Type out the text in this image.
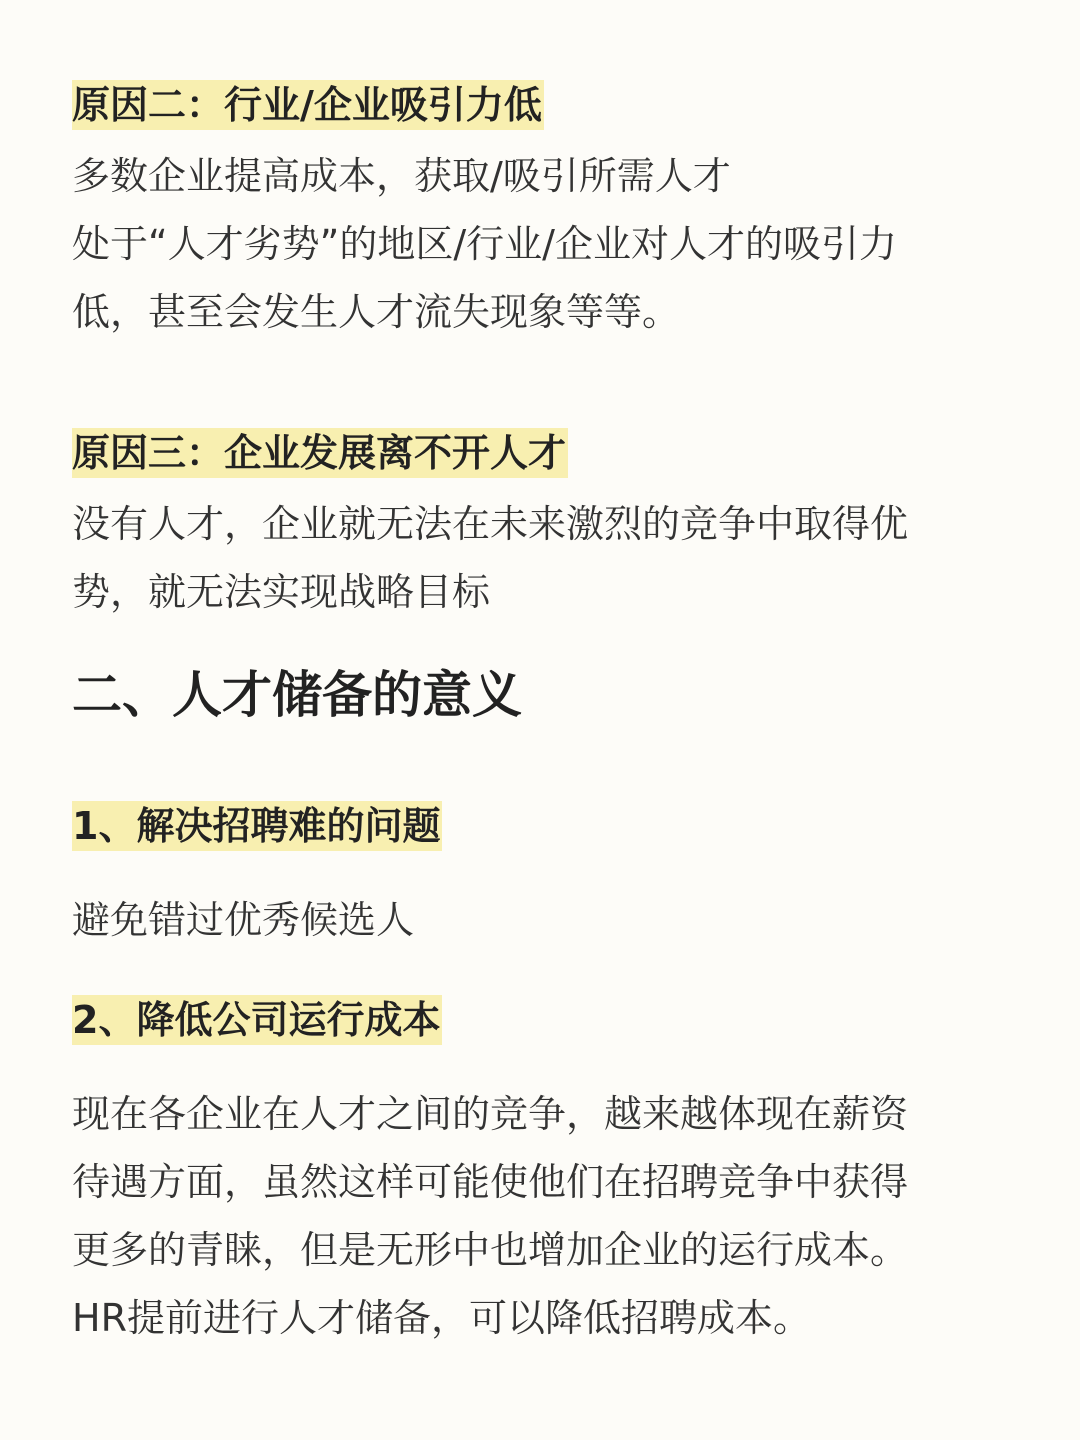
原因二：行业/企业吸引力低

多数企业提高成本，获取/吸引所需人才

处于“人才劣势”的地区/行业/企业对人才的吸引力

低，甚至会发生人才流失现象等等。

原因三：企业发展离不开人才

没有人才，企业就无法在未来激烈的竞争中取得优

势，就无法实现战略目标

二、人才储备的意义
1、解决招聘难的问题

避免错过优秀候选人

2、降低公司运行成本

现在各企业在人才之间的竞争，越来越体现在薪资

待遇方面，虽然这样可能使他们在招聘竞争中获得

更多的青睐，但是无形中也增加企业的运行成本。

HR提前进行人才储备，可以降低招聘成本。
